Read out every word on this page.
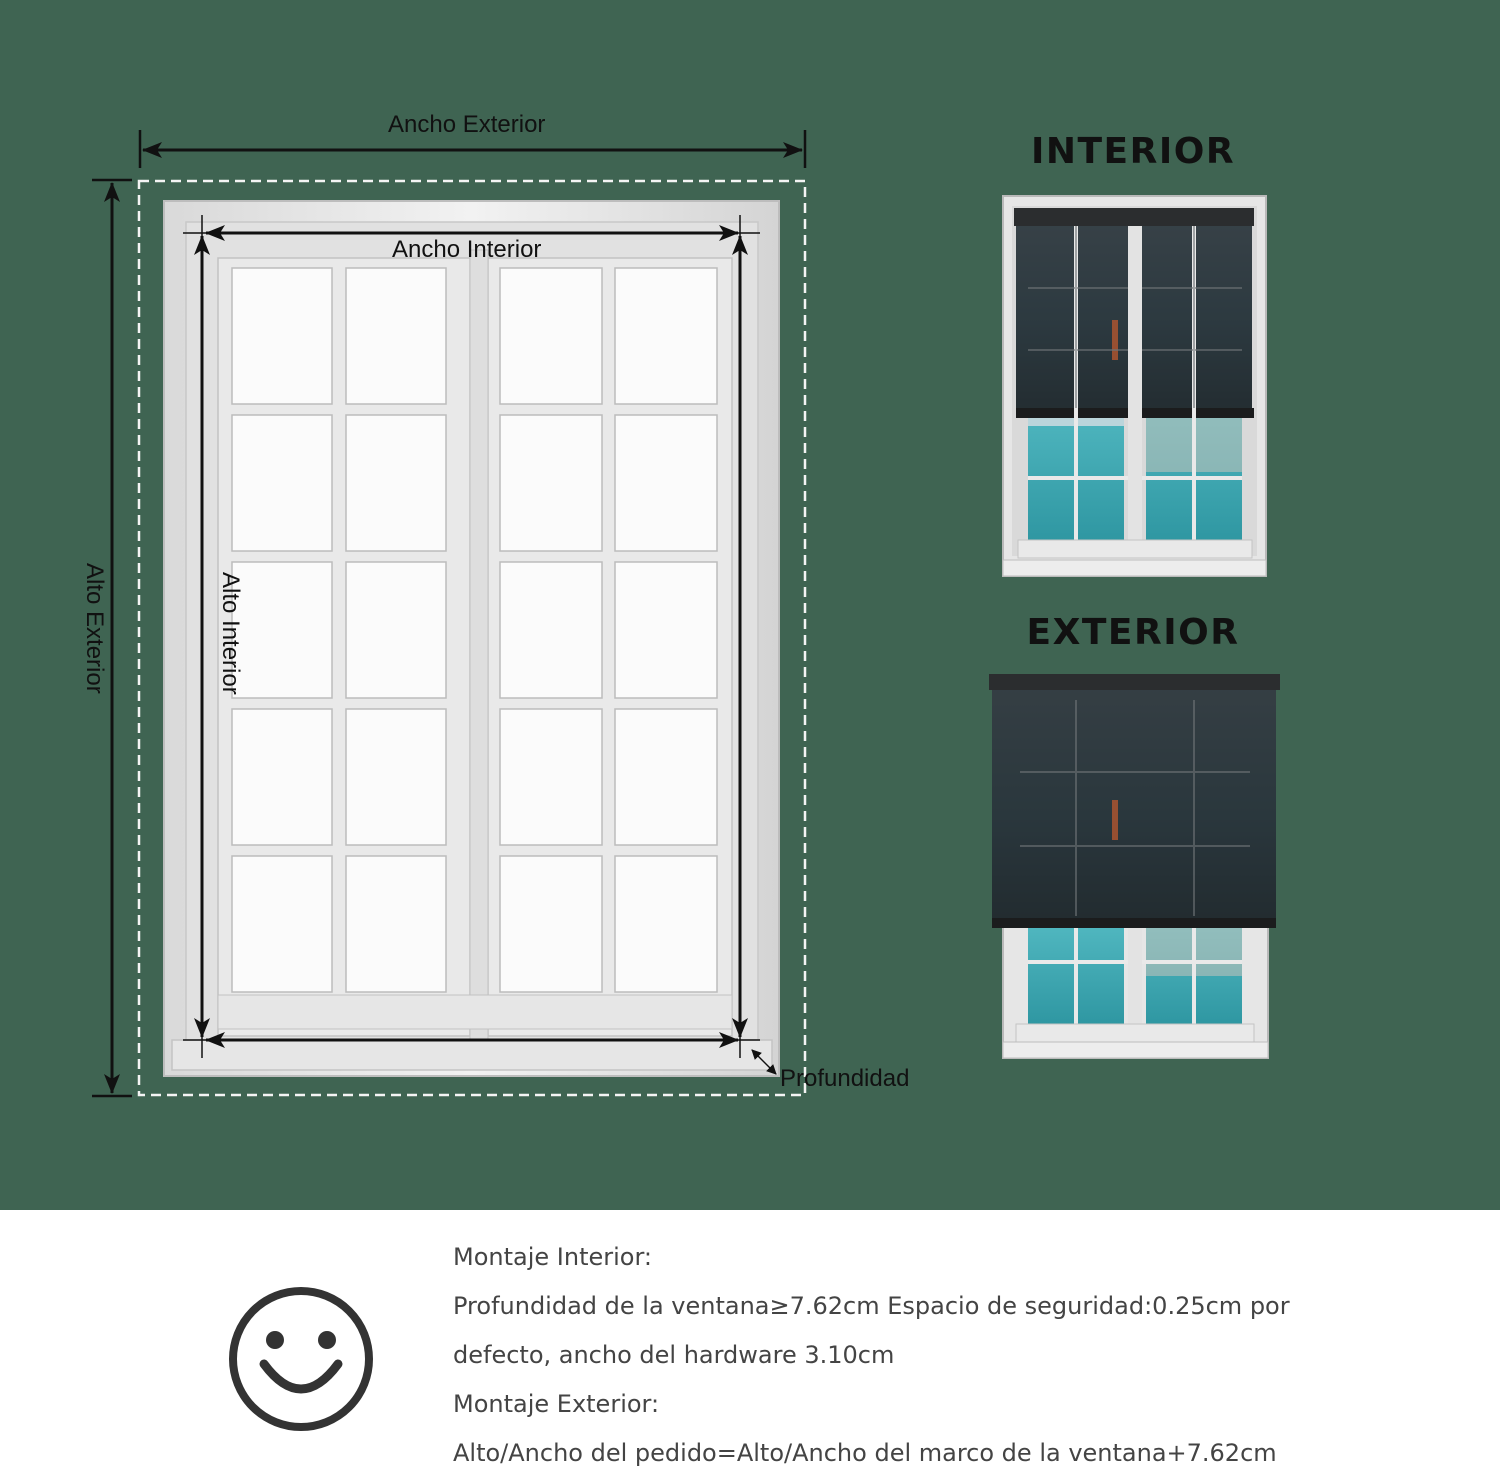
Ancho Exterior
Ancho Interior
Alto Exterior	Alto Interior
Profundidad
INTERIOR
EXTERIOR
Montaje Interior:
Profundidad de la ventana≥7.62cm Espacio de seguridad:0.25cm por
defecto, ancho del hardware 3.10cm
Montaje Exterior:
Alto/Ancho del pedido=Alto/Ancho del marco de la ventana+7.62cm
